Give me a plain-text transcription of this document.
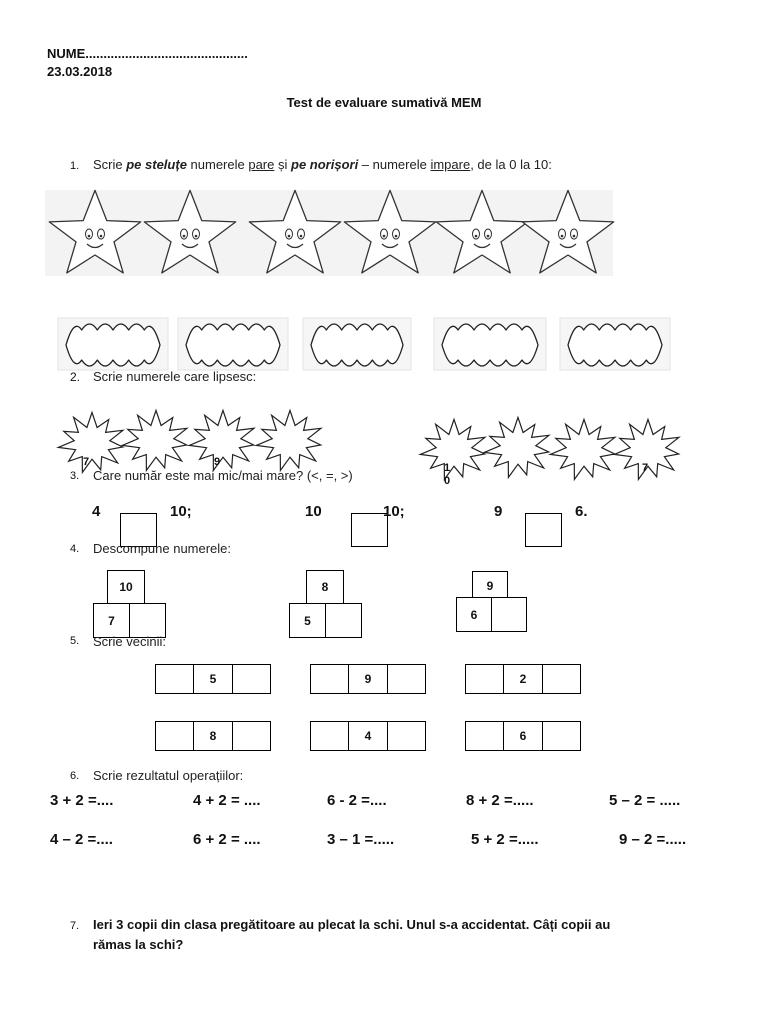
NUME.............................................
23.03.2018
Test de evaluare sumativă MEM
1. Scrie pe steluțe numerele pare și pe norișori – numerele impare, de la 0 la 10:
2. Scrie numerele care lipsesc:
7	9	1
0
7
3. Care număr este mai mic/mai mare? (<, =, >)
4	10;	10	10;	9	6.
4. Descompune numerele:
10
7
8
5
9
6
5. Scrie vecinii:
5	9	2
8	4	6
6. Scrie rezultatul operațiilor:
3 + 2 =....	4 + 2 = ....	6 - 2 =....	8 + 2 =.....	5 – 2 = .....
4 – 2 =....	6 + 2 = ....	3 – 1 =.....	5 + 2 =.....	9 – 2 =.....
7. Ieri 3 copii din clasa pregătitoare au plecat la schi. Unul s-a accidentat. Câți copii au
rămas la schi?
